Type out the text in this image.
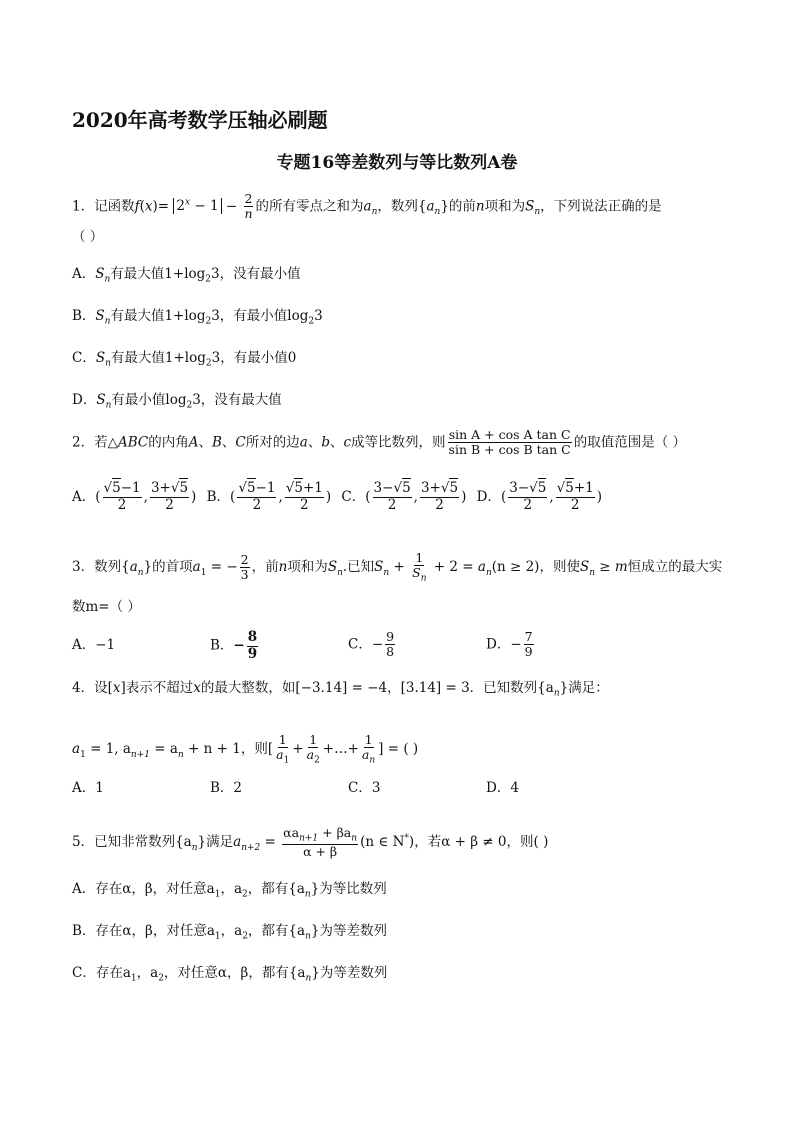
2020年高考数学压轴必刷题
专题16等差数列与等比数列A卷
1．记函数$f(x)= 2^x - 1 - \frac{2}{n}$ 的所有零点之和为$a_n$，数列$\{a_n\}$的前n项和为$S_n$，下列说法正确的是
（ ）
A．$S_n$有最大值$1+\log_23$，没有最小值
B．$S_n$有最大值$1+\log_23$，有最小值$\log_23$
C．$S_n$有最大值$1+\log_23$，有最小值0
D．$S_n$有最小值$\log_23$，没有最大值
2．若△ABC的内角A、B、C所对的边a、b、c成等比数列，则 $\frac{\text{sin A + cos A tan C}}{\text{sin B + cos B tan C}}$ 的取值范围是（ ）
A．( $\frac{√5-1}{2}$ , $\frac{3+√5}{2}$ ) B．( $\frac{√5-1}{2}$ , $\frac{√5+1}{2}$ ) C．( $\frac{3-√5}{2}$ , $\frac{3+√5}{2}$ ) D．( $\frac{3-√5}{2}$ , $\frac{√5+1}{2}$ )
3．数列$\{a_n\}$的首项$a_1$ = − $\frac{2}{3}$ ，前n项和为$S_n$.已知$S_n + \frac{1}{S_n} + 2 = a_n(n \ge 2)$，则使$S_n \ge m$恒成立的最大实
数m=（ ）
A．−1	B．− $\frac{8}{9}$	C．− $\frac{9}{8}$	D．− $\frac{7}{9}$
4．设[x]表示不超过x的最大整数，如[−3.14] = −4，[3.14] = 3．已知数列$\{a_n\}$满足：
$a_1 = 1$, $a_{n+1} = a_n + n + 1$，则[ $\frac{1}{a_1} + \frac{1}{a_2}$ +…+ $\frac{1}{a_n}$ ] = ( )
A．1	B．2	C．3	D．4
5．已知非常数列$\{a_n\}$满足$a_{n+2} = \frac{\alpha a_{n+1} + \beta a_n}{\alpha + \beta} (n$ ∈ N*)，若α + β ≠ 0，则( )
A．存在α，β，对任意$a_1$，$a_2$，都有$\{a_n\}$为等比数列
B．存在α，β，对任意$a_1$，$a_2$，都有$\{a_n\}$为等差数列
C．存在$a_1$，$a_2$，对任意α，β，都有$\{a_n\}$为等差数列
